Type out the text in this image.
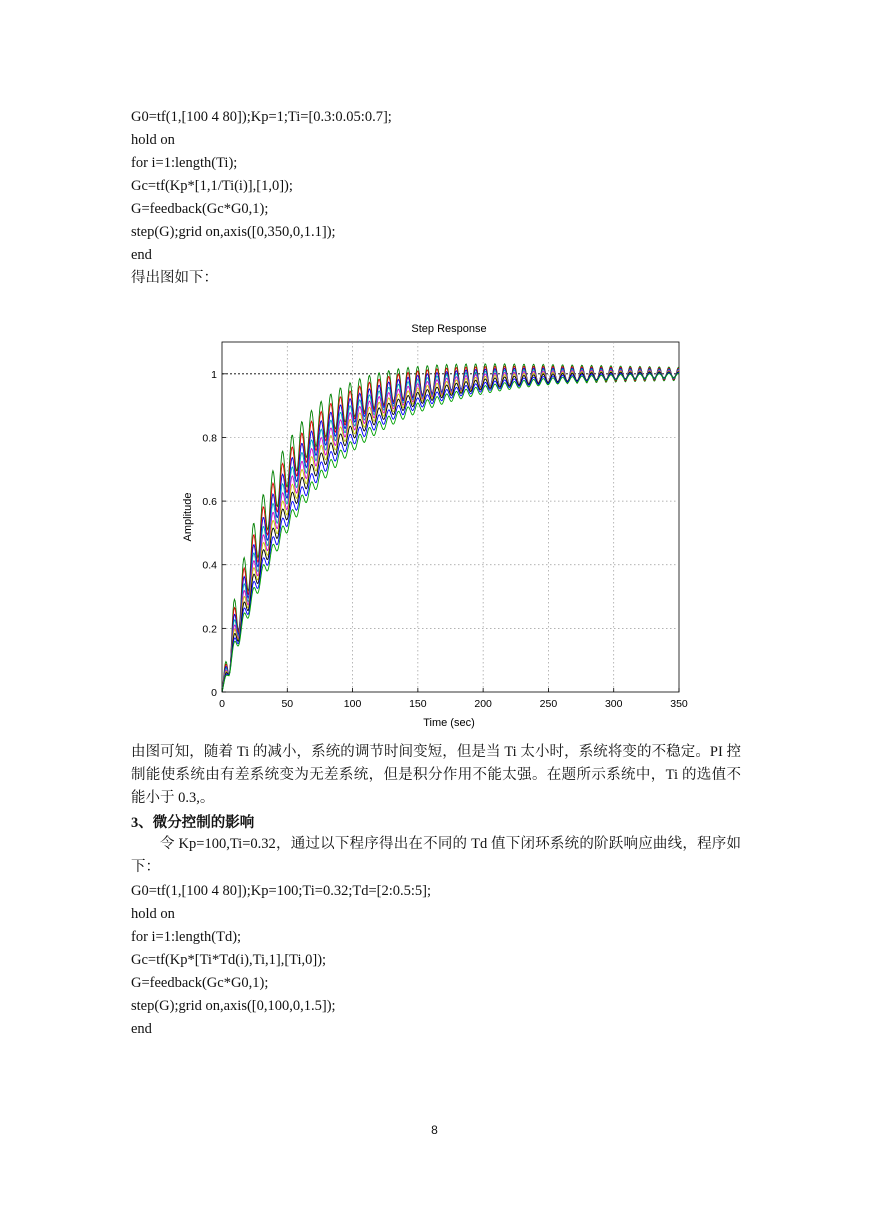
G0=tf(1,[100 4 80]);Kp=1;Ti=[0.3:0.05:0.7];
hold on
for i=1:length(Ti);
Gc=tf(Kp*[1,1/Ti(i)],[1,0]);
G=feedback(Gc*G0,1);
step(G);grid on,axis([0,350,0,1.1]);
end
得出图如下：
Step Response
0	50	100	150	200	250	300	350
0
0.2
0.4
0.6
0.8
1
Time (sec)
Amplitude
由图可知，随着 Ti 的减小，系统的调节时间变短，但是当 Ti 太小时，系统将变的不稳定。PI 控制能使系统由有差系统变为无差系统，但是积分作用不能太强。在题所示系统中，Ti 的选值不能小于 0.3,。
3、微分控制的影响
令 Kp=100,Ti=0.32，通过以下程序得出在不同的 Td 值下闭环系统的阶跃响应曲线，程序如下：
G0=tf(1,[100 4 80]);Kp=100;Ti=0.32;Td=[2:0.5:5];
hold on
for i=1:length(Td);
Gc=tf(Kp*[Ti*Td(i),Ti,1],[Ti,0]);
G=feedback(Gc*G0,1);
step(G);grid on,axis([0,100,0,1.5]);
end
8
